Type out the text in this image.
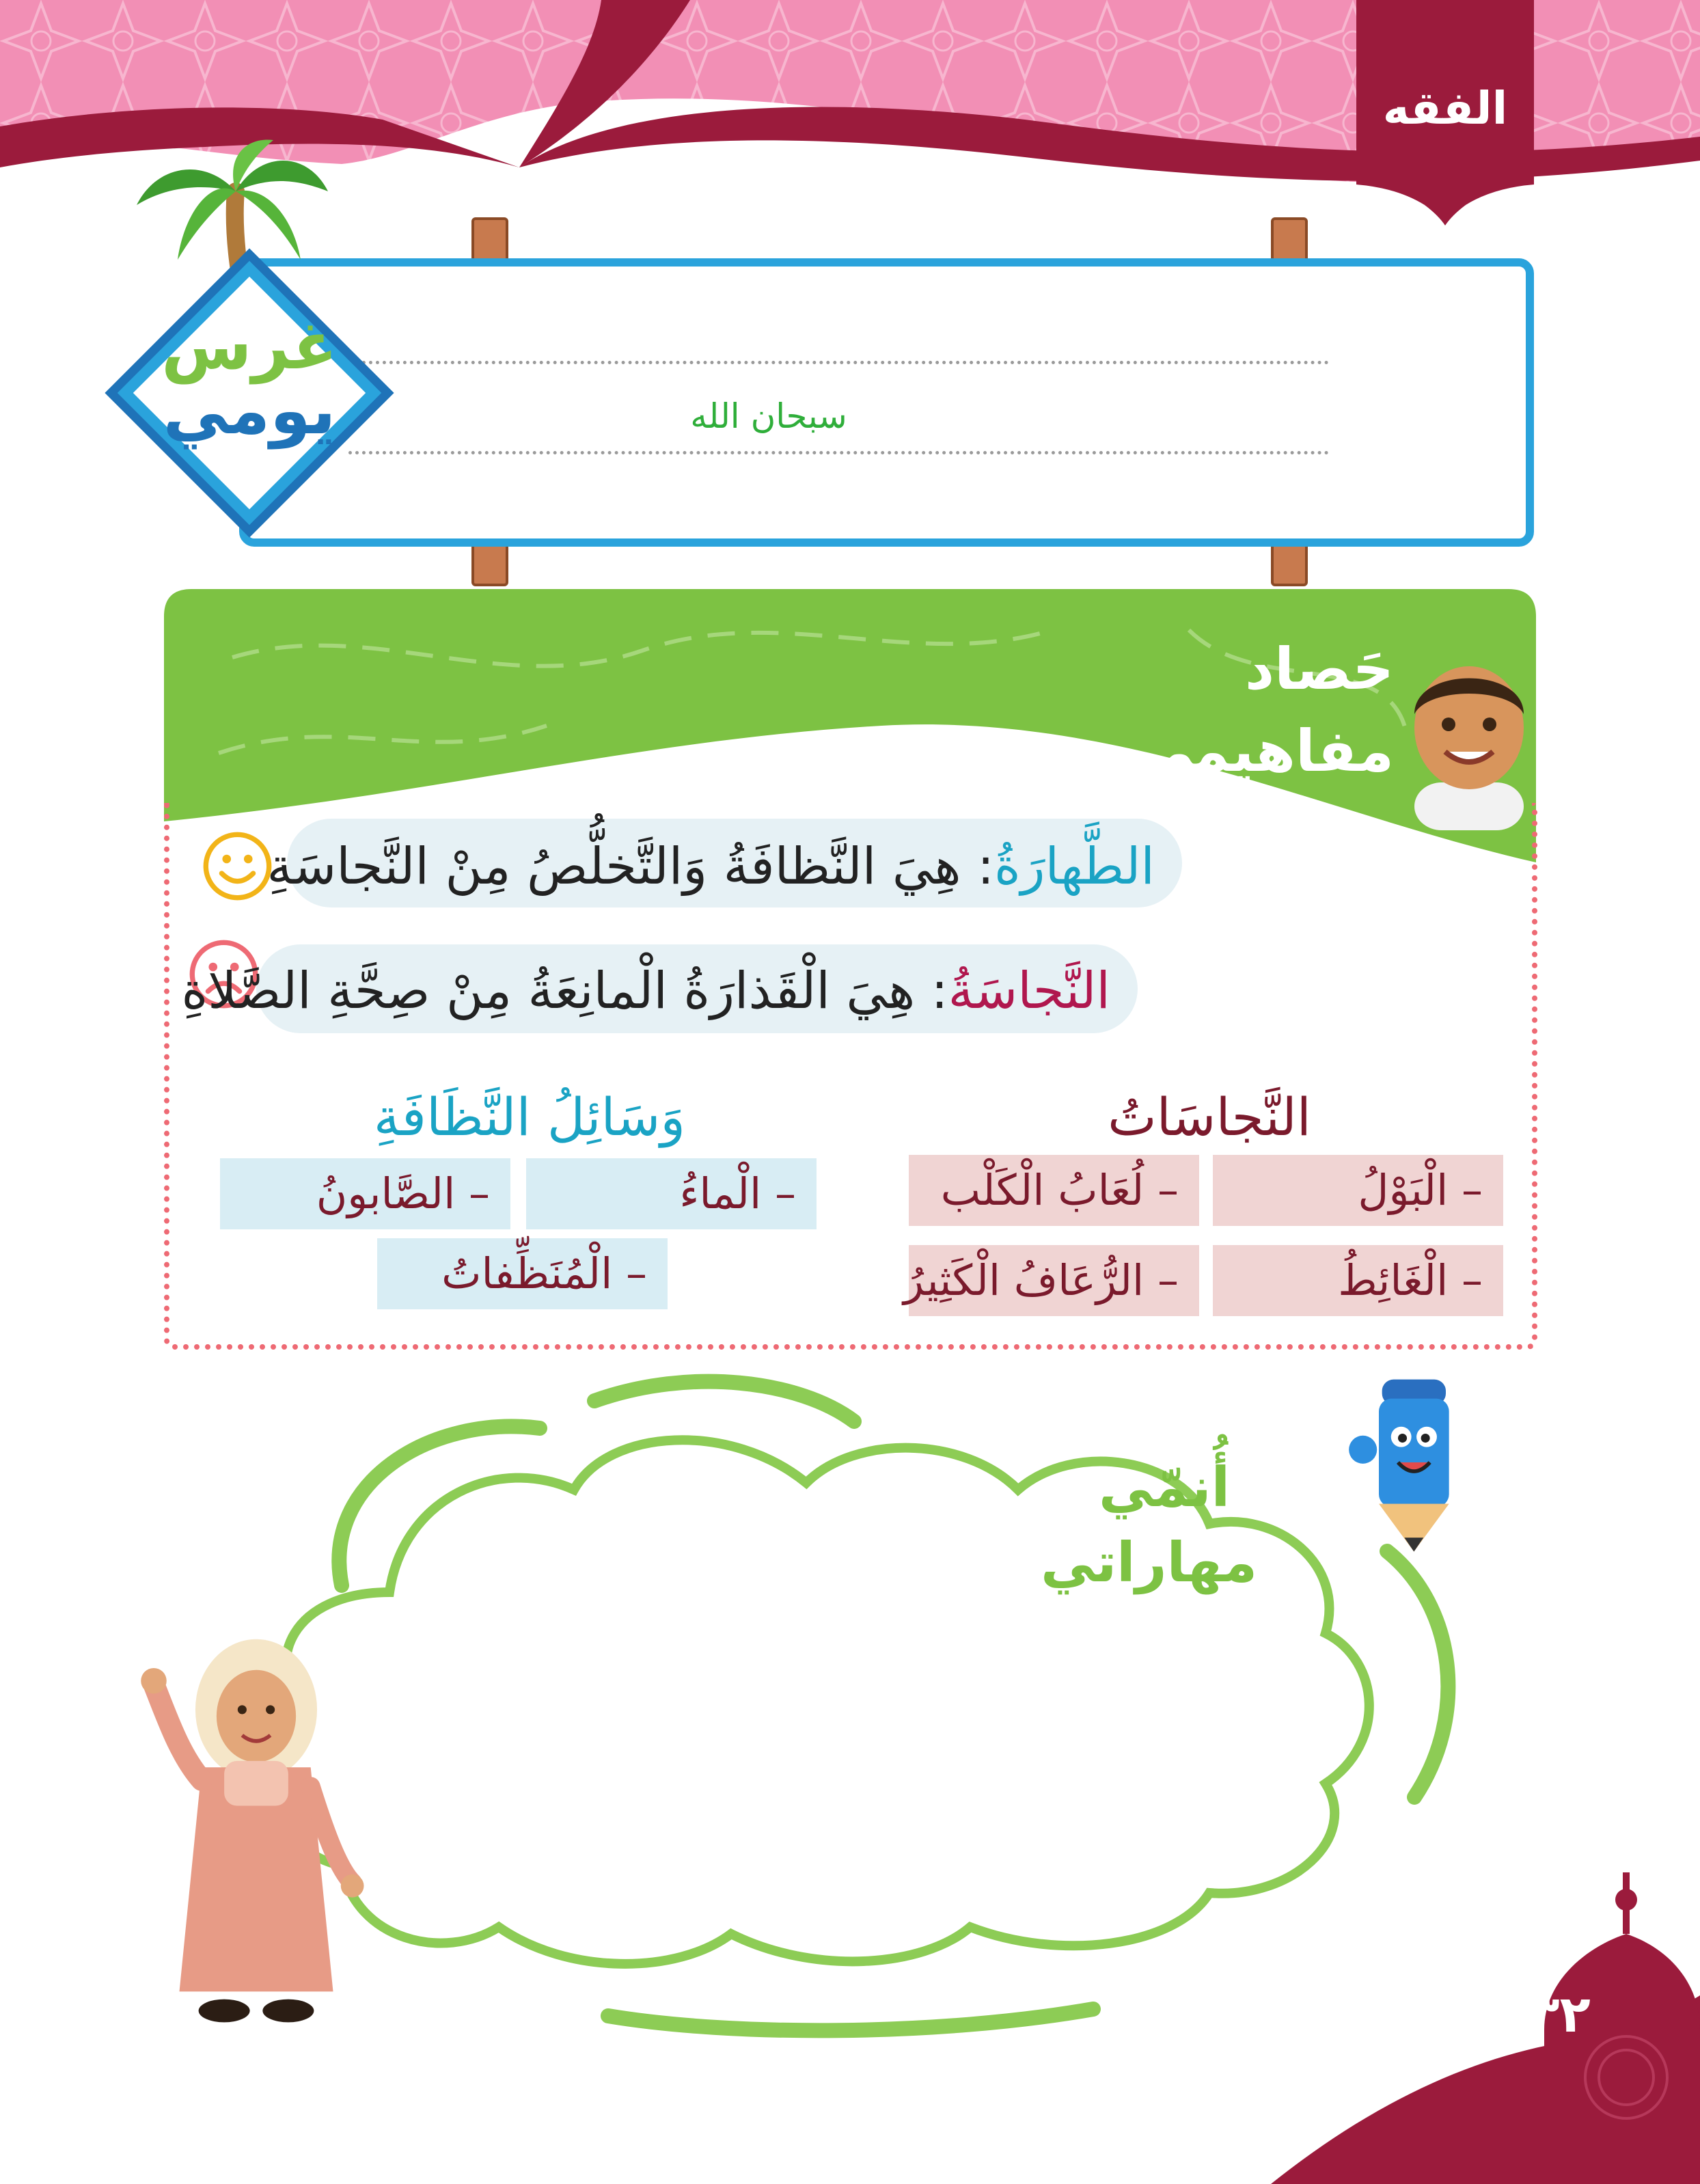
الفقه
سبحان الله
غرس
يومي
حَصاد
مفاهيمي
الطَّهارَةُ: هِيَ النَّظافَةُ وَالتَّخلُّصُ مِنْ النَّجاسَةِ
النَّجاسَةُ: هِيَ الْقَذارَةُ الْمانِعَةُ مِنْ صِحَّةِ الصَّلاةِ
النَّجاسَاتُ
– الْبَوْلُ
– لُعَابُ الْكَلْب
– الْغَائِطُ
– الرُّعَافُ الْكَثِيرُ
وَسَائِلُ النَّظَافَةِ
– الْماءُ
– الصَّابونُ
– الْمُنَظِّفاتُ
أُنمّي
مهاراتي
١٣٢
